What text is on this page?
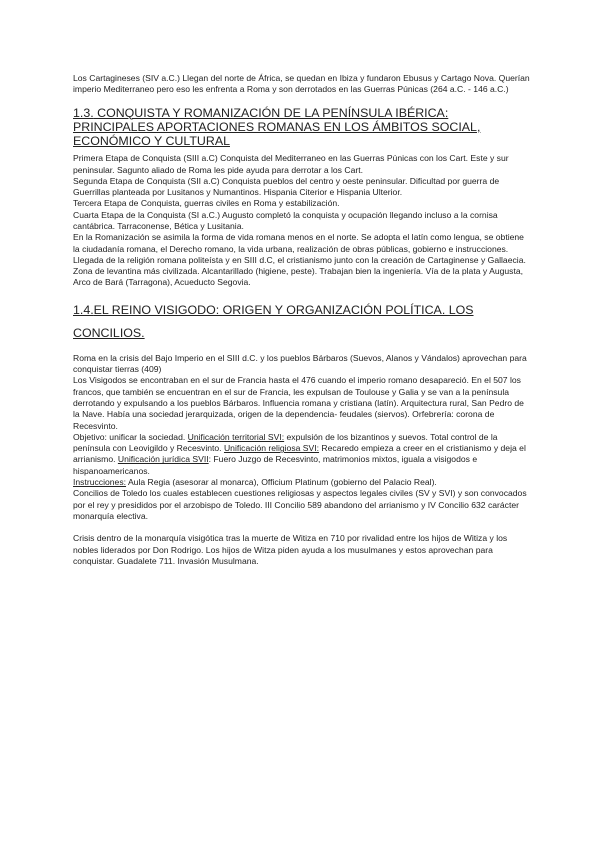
Los Cartagineses (SIV a.C.) Llegan del norte de África, se quedan en Ibiza y fundaron Ebusus y Cartago Nova. Querían imperio Mediterraneo pero eso les enfrenta a Roma y son derrotados en las Guerras Púnicas (264 a.C. - 146 a.C.)

1.3. CONQUISTA Y ROMANIZACIÓN DE LA PENÍNSULA IBÉRICA: PRINCIPALES APORTACIONES ROMANAS EN LOS ÁMBITOS SOCIAL, ECONÓMICO Y CULTURAL

Primera Etapa de Conquista (SIII a.C) Conquista del Mediterraneo en las Guerras Púnicas con los Cart. Este y sur peninsular. Sagunto aliado de Roma les pide ayuda para derrotar a los Cart.

Segunda Etapa de Conquista (SII a.C) Conquista pueblos del centro y oeste peninsular. Dificultad por guerra de Guerrillas planteada por Lusitanos y Numantinos. Hispania Citerior e Hispania Ulterior.

Tercera Etapa de Conquista, guerras civiles en Roma y estabilización.

Cuarta Etapa de la Conquista (SI a.C.) Augusto completó la conquista y ocupación llegando incluso a la cornisa cantábrica. Tarraconense, Bética y Lusitania.

En la Romanización se asimila la forma de vida romana menos en el norte. Se adopta el latín como lengua, se obtiene la ciudadanía romana, el Derecho romano, la vida urbana, realización de obras públicas, gobierno e instrucciones. Llegada de la religión romana politeísta y en SIII d.C, el cristianismo junto con la creación de Cartaginense y Gallaecia. Zona de levantina más civilizada. Alcantarillado (higiene, peste). Trabajan bien la ingeniería. Vía de la plata y Augusta, Arco de Bará (Tarragona), Acueducto Segovia.

1.4.EL REINO VISIGODO: ORIGEN Y ORGANIZACIÓN POLÍTICA. LOS CONCILIOS.

Roma en la crisis del Bajo Imperio en el SIII d.C. y los pueblos Bárbaros (Suevos, Alanos y Vándalos) aprovechan para conquistar tierras (409)

Los Visigodos se encontraban en el sur de Francia hasta el 476 cuando el imperio romano desapareció. En el 507 los francos, que también se encuentran en el sur de Francia, les expulsan de Toulouse y Galia y se van a la península derrotando y expulsando a los pueblos Bárbaros. Influencia romana y cristiana (latín). Arquitectura rural, San Pedro de la Nave. Había una sociedad jerarquizada, origen de la dependencia- feudales (siervos). Orfebrería: corona de Recesvinto.

Objetivo: unificar la sociedad. Unificación territorial SVI: expulsión de los bizantinos y suevos. Total control de la península con Leovigildo y Recesvinto. Unificación religiosa SVI: Recaredo empieza a creer en el cristianismo y deja el arrianismo. Unificación jurídica SVII: Fuero Juzgo de Recesvinto, matrimonios mixtos, iguala a visigodos e hispanoamericanos.

Instrucciones: Aula Regia (asesorar al monarca), Officium Platinum (gobierno del Palacio Real).

Concilios de Toledo los cuales establecen cuestiones religiosas y aspectos legales civiles (SV y SVI) y son convocados por el rey y presididos por el arzobispo de Toledo. III Concilio 589 abandono del arrianismo y IV Concilio 632 carácter monarquía electiva.

Crisis dentro de la monarquía visigótica tras la muerte de Witiza en 710 por rivalidad entre los hijos de Witiza y los nobles liderados por Don Rodrigo. Los hijos de Witza piden ayuda a los musulmanes y estos aprovechan para conquistar. Guadalete 711. Invasión Musulmana.
